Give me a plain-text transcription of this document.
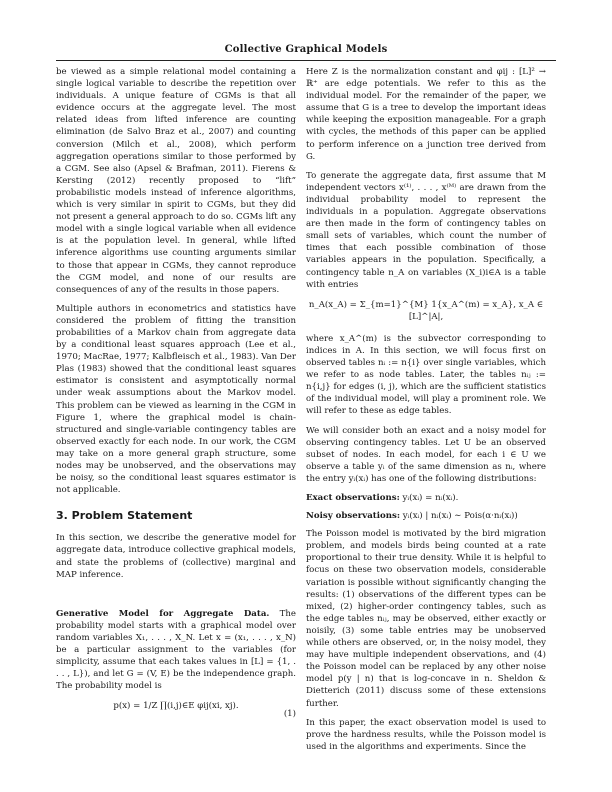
Collective Graphical Models

be viewed as a simple relational model containing a single logical variable to describe the repetition over individuals. A unique feature of CGMs is that all evidence occurs at the aggregate level. The most related ideas from lifted inference are counting elimination (de Salvo Braz et al., 2007) and counting conversion (Milch et al., 2008), which perform aggregation operations similar to those performed by a CGM. See also (Apsel & Brafman, 2011). Fierens & Kersting (2012) recently proposed to “lift” probabilistic models instead of inference algorithms, which is very similar in spirit to CGMs, but they did not present a general approach to do so. CGMs lift any model with a single logical variable when all evidence is at the population level. In general, while lifted inference algorithms use counting arguments similar to those that appear in CGMs, they cannot reproduce the CGM model, and none of our results are consequences of any of the results in those papers.

Multiple authors in econometrics and statistics have considered the problem of fitting the transition probabilities of a Markov chain from aggregate data by a conditional least squares approach (Lee et al., 1970; MacRae, 1977; Kalbfleisch et al., 1983). Van Der Plas (1983) showed that the conditional least squares estimator is consistent and asymptotically normal under weak assumptions about the Markov model. This problem can be viewed as learning in the CGM in Figure 1, where the graphical model is chain-structured and single-variable contingency tables are observed exactly for each node. In our work, the CGM may take on a more general graph structure, some nodes may be unobserved, and the observations may be noisy, so the conditional least squares estimator is not applicable.

3. Problem Statement

In this section, we describe the generative model for aggregate data, introduce collective graphical models, and state the problems of (collective) marginal and MAP inference.

Generative Model for Aggregate Data. The probability model starts with a graphical model over random variables X₁, . . . , X_N. Let x = (x₁, . . . , x_N) be a particular assignment to the variables (for simplicity, assume that each takes values in [L] = {1, . . . , L}), and let G = (V, E) be the independence graph. The probability model is

p(x) = 1/Z ∏(i,j)∈E φij(xi, xj).
(1)

Here Z is the normalization constant and φij : [L]² → ℝ⁺ are edge potentials. We refer to this as the individual model. For the remainder of the paper, we assume that G is a tree to develop the important ideas while keeping the exposition manageable. For a graph with cycles, the methods of this paper can be applied to perform inference on a junction tree derived from G.

To generate the aggregate data, first assume that M independent vectors x⁽¹⁾, . . . , x⁽ᴹ⁾ are drawn from the individual probability model to represent the individuals in a population. Aggregate observations are then made in the form of contingency tables on small sets of variables, which count the number of times that each possible combination of those variables appears in the population. Specifically, a contingency table n_A on variables (X_i)i∈A is a table with entries

n_A(x_A) = Σ_{m=1}^{M} 1{x_A^(m) = x_A}, x_A ∈ [L]^|A|,

where x_A^(m) is the subvector corresponding to indices in A. In this section, we will focus first on observed tables nᵢ := n{i} over single variables, which we refer to as node tables. Later, the tables nᵢⱼ := n{i,j} for edges (i, j), which are the sufficient statistics of the individual model, will play a prominent role. We will refer to these as edge tables.

We will consider both an exact and a noisy model for observing contingency tables. Let U be an observed subset of nodes. In each model, for each i ∈ U we observe a table yᵢ of the same dimension as nᵢ, where the entry yᵢ(xᵢ) has one of the following distributions:

Exact observations: yᵢ(xᵢ) = nᵢ(xᵢ).
Noisy observations: yᵢ(xᵢ) | nᵢ(xᵢ) ∼ Pois(α·nᵢ(xᵢ))

The Poisson model is motivated by the bird migration problem, and models birds being counted at a rate proportional to their true density. While it is helpful to focus on these two observation models, considerable variation is possible without significantly changing the results: (1) observations of the different types can be mixed, (2) higher-order contingency tables, such as the edge tables nᵢⱼ, may be observed, either exactly or noisily, (3) some table entries may be unobserved while others are observed, or, in the noisy model, they may have multiple independent observations, and (4) the Poisson model can be replaced by any other noise model p(y | n) that is log-concave in n. Sheldon & Dietterich (2011) discuss some of these extensions further.

In this paper, the exact observation model is used to prove the hardness results, while the Poisson model is used in the algorithms and experiments. Since the
